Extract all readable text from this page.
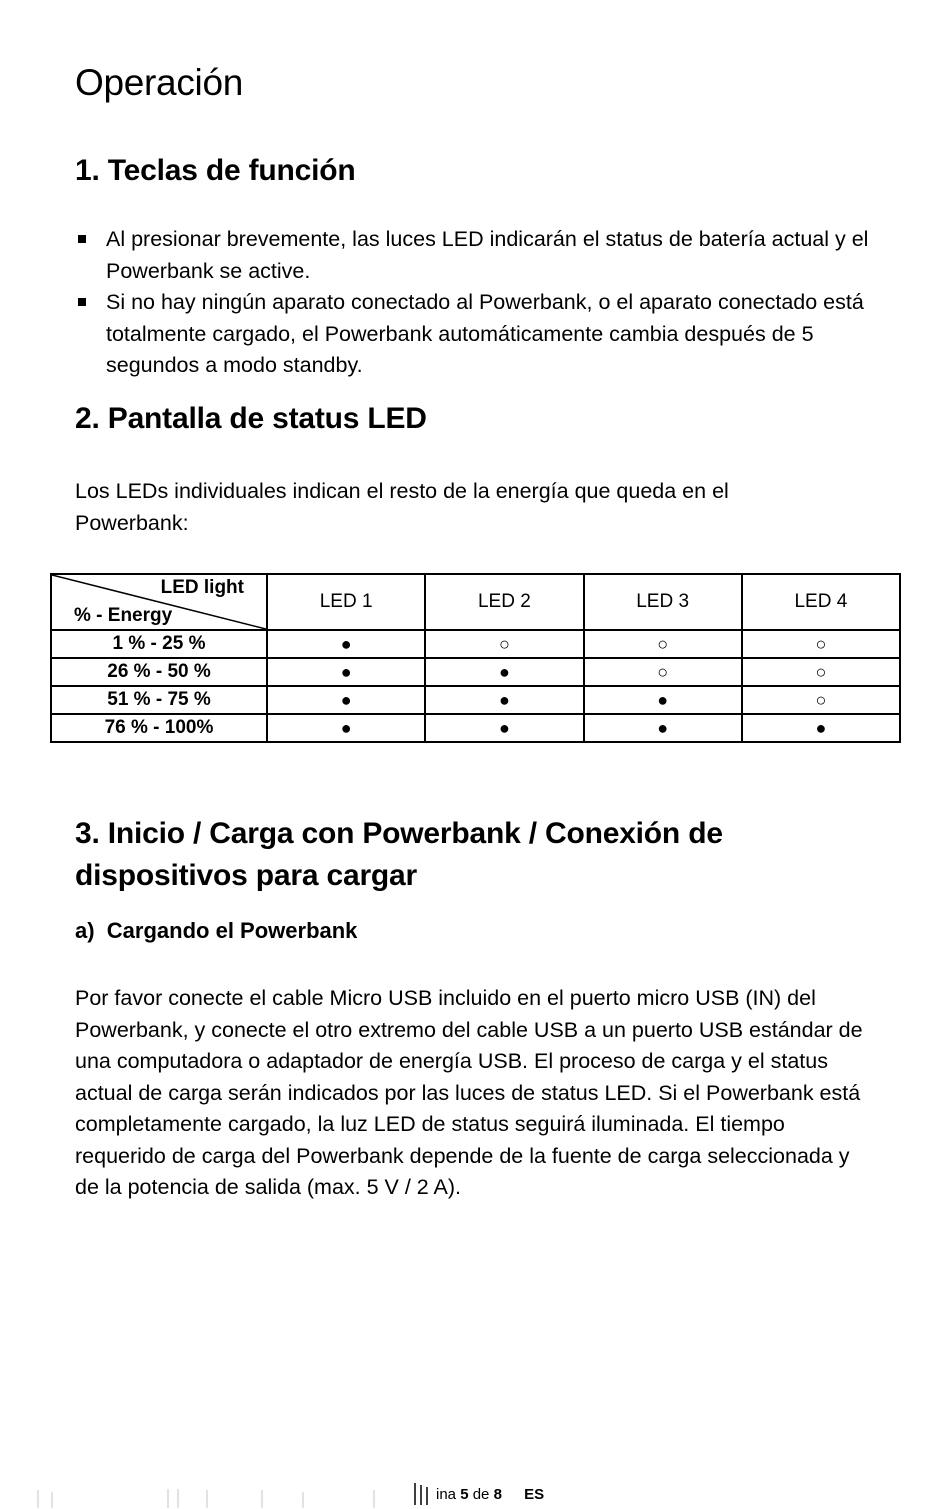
Operación
1. Teclas de función
Al presionar brevemente, las luces LED indicarán el status de batería actual y el Powerbank se active.
Si no hay ningún aparato conectado al Powerbank, o el aparato conectado está totalmente cargado, el Powerbank automáticamente cambia después de 5 segundos a modo standby.
2. Pantalla de status LED

Los LEDs individuales indican el resto de la energía que queda en el Powerbank:

LED light
% - Energy	LED 1	LED 2	LED 3	LED 4
1 % - 25 %	●	○	○	○
26 % - 50 %	●	●	○	○
51 % - 75 %	●	●	●	○
76 % - 100%	●	●	●	●
3. Inicio / Carga con Powerbank / Conexión de
dispositivos para cargar

a) Cargando el Powerbank

Por favor conecte el cable Micro USB incluido en el puerto micro USB (IN) del Powerbank, y conecte el otro extremo del cable USB a un puerto USB estándar de una computadora o adaptador de energía USB. El proceso de carga y el status actual de carga serán indicados por las luces de status LED. Si el Powerbank está completamente cargado, la luz LED de status seguirá iluminada. El tiempo requerido de carga del Powerbank depende de la fuente de carga seleccionada y de la potencia de salida (max. 5 V / 2 A).

ina 5 de 8 ES
